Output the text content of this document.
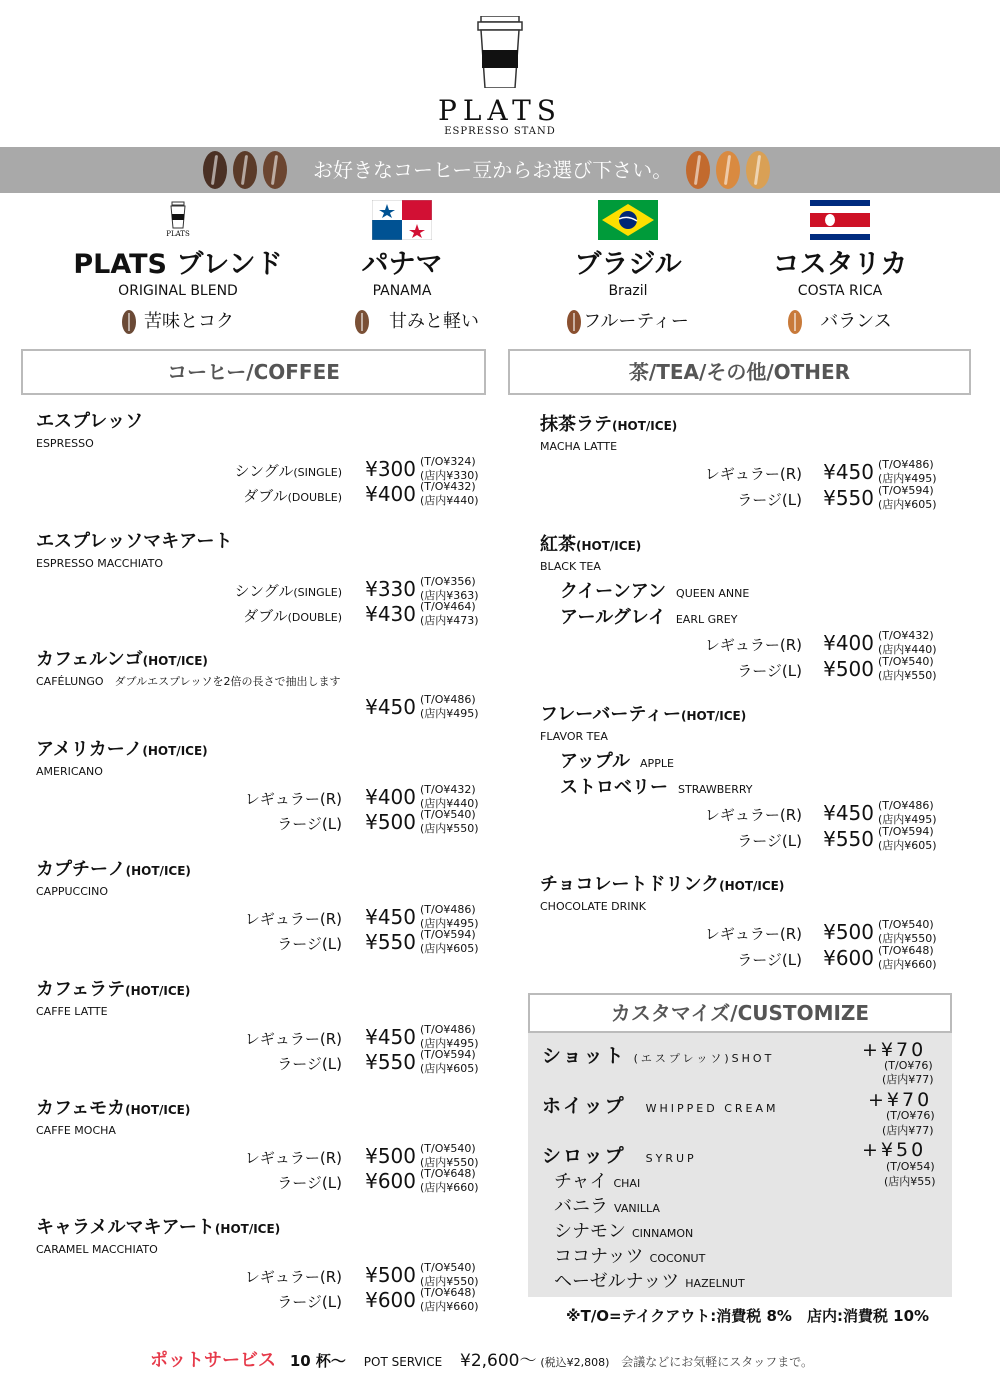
PLATS
ESPRESSO STAND
お好きなコーヒー豆からお選び下さい。
PLATS
PLATS ブレンド
ORIGINAL BLEND
苦味とコク
パナマ
PANAMA
甘みと軽い
ブラジル
Brazil
フルーティー
コスタリカ
COSTA RICA
バランス
コーヒー/COFFEE	茶/TEA/その他/OTHER
エスプレッソ
ESPRESSO
シングル(SINGLE) ¥300 (T/O¥324)
(店内¥330)
ダブル(DOUBLE) ¥400 (T/O¥432)
(店内¥440)
エスプレッソマキアート
ESPRESSO MACCHIATO
シングル(SINGLE) ¥330 (T/O¥356)
(店内¥363)
ダブル(DOUBLE) ¥430 (T/O¥464)
(店内¥473)
カフェルンゴ(HOT/ICE)
CAFÉLUNGO　ダブルエスプレッソを2倍の長さで抽出します
¥450 (T/O¥486)
(店内¥495)
アメリカーノ(HOT/ICE)
AMERICANO
レギュラー(R) ¥400 (T/O¥432)
(店内¥440)
ラージ(L) ¥500 (T/O¥540)
(店内¥550)
カプチーノ(HOT/ICE)
CAPPUCCINO
レギュラー(R) ¥450 (T/O¥486)
(店内¥495)
ラージ(L) ¥550 (T/O¥594)
(店内¥605)
カフェラテ(HOT/ICE)
CAFFE LATTE
レギュラー(R) ¥450 (T/O¥486)
(店内¥495)
ラージ(L) ¥550 (T/O¥594)
(店内¥605)
カフェモカ(HOT/ICE)
CAFFE MOCHA
レギュラー(R) ¥500 (T/O¥540)
(店内¥550)
ラージ(L) ¥600 (T/O¥648)
(店内¥660)
キャラメルマキアート(HOT/ICE)
CARAMEL MACCHIATO
レギュラー(R) ¥500 (T/O¥540)
(店内¥550)
ラージ(L) ¥600 (T/O¥648)
(店内¥660)
抹茶ラテ(HOT/ICE)
MACHA LATTE
レギュラー(R) ¥450 (T/O¥486)
(店内¥495)
ラージ(L) ¥550 (T/O¥594)
(店内¥605)
紅茶(HOT/ICE)
BLACK TEA
クイーンアン QUEEN ANNE
アールグレイ EARL GREY
レギュラー(R) ¥400 (T/O¥432)
(店内¥440)
ラージ(L) ¥500 (T/O¥540)
(店内¥550)
フレーバーティー(HOT/ICE)
FLAVOR TEA
アップル APPLE
ストロベリー STRAWBERRY
レギュラー(R) ¥450 (T/O¥486)
(店内¥495)
ラージ(L) ¥550 (T/O¥594)
(店内¥605)
チョコレートドリンク(HOT/ICE)
CHOCOLATE DRINK
レギュラー(R) ¥500 (T/O¥540)
(店内¥550)
ラージ(L) ¥600 (T/O¥648)
(店内¥660)
カスタマイズ/CUSTOMIZE
ショット (エスプレッソ)SHOT	+¥70
(T/O¥76)
(店内¥77)
ホイップ WHIPPED CREAM	+¥70
(T/O¥76)
(店内¥77)
シロップ SYRUP	+¥50
(T/O¥54)
(店内¥55)
チャイ CHAI
バニラ VANILLA
シナモン CINNAMON
ココナッツ COCONUT
ヘーゼルナッツ HAZELNUT
※T/O=テイクアウト:消費税 8%　店内:消費税 10%
ポットサービス 10 杯〜 POT SERVICE ¥2,600〜 (税込¥2,808) 会議などにお気軽にスタッフまで。
